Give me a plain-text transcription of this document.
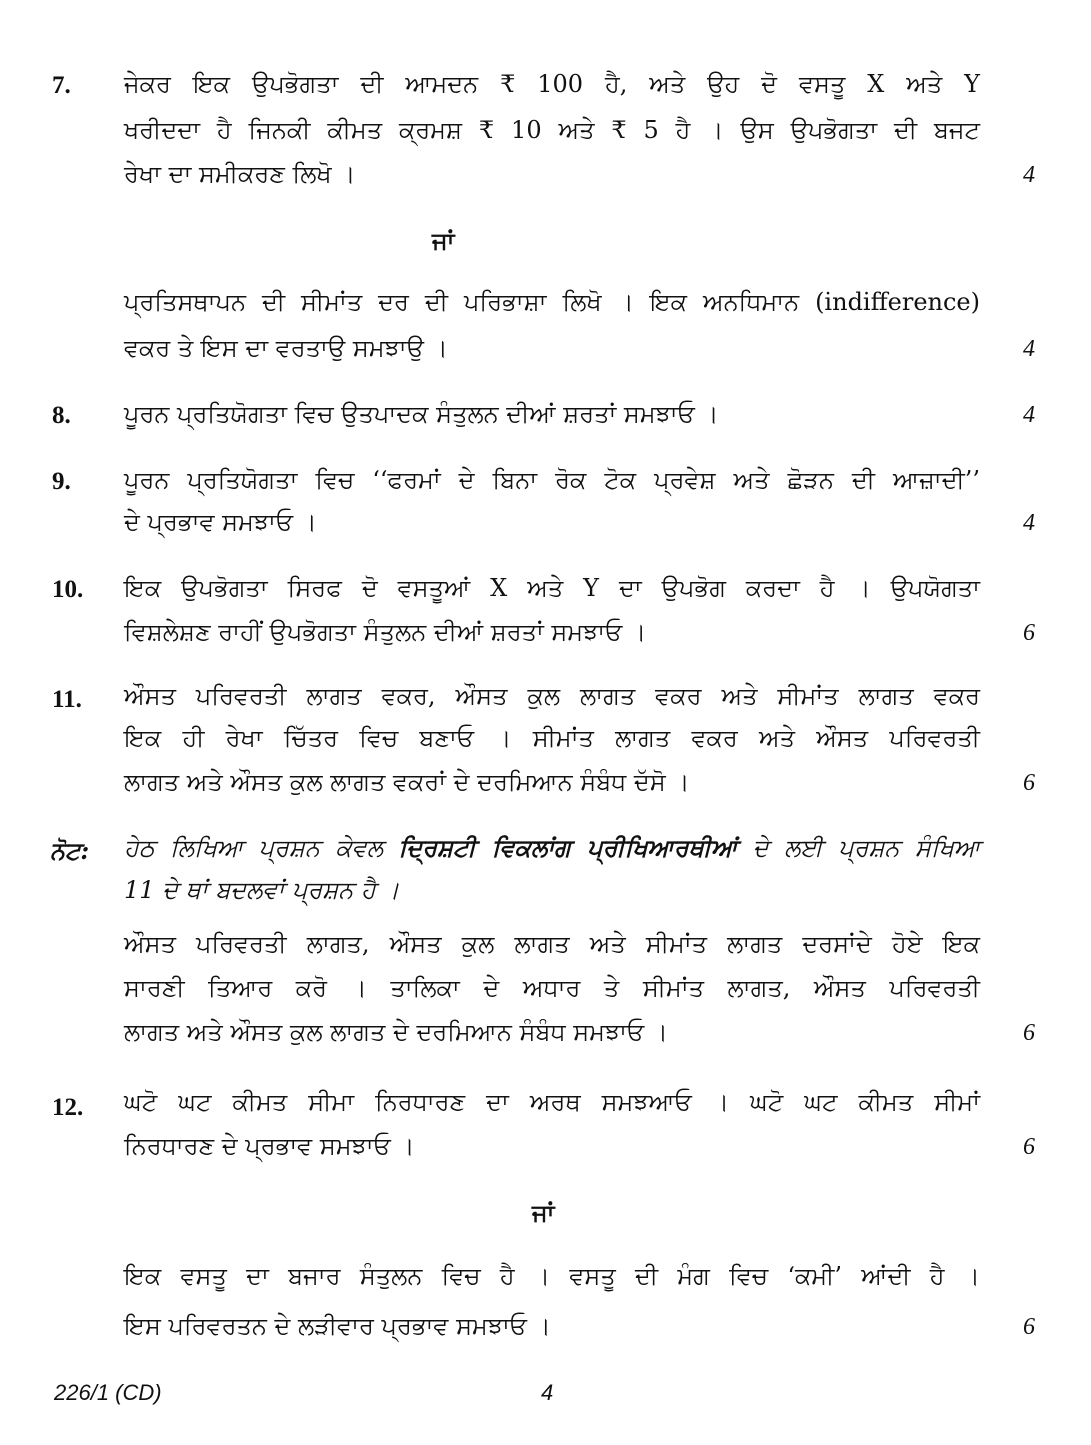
7. ਜੇਕਰ ਇਕ ਉਪਭੋਗਤਾ ਦੀ ਆਮਦਨ ₹ 100 ਹੈ, ਅਤੇ ਉਹ ਦੋ ਵਸਤੂ X ਅਤੇ Y
ਖਰੀਦਦਾ ਹੈ ਜਿਨਕੀ ਕੀਮਤ ਕ੍ਰਮਸ਼ ₹ 10 ਅਤੇ ₹ 5 ਹੈ । ਉਸ ਉਪਭੋਗਤਾ ਦੀ ਬਜਟ
ਰੇਖਾ ਦਾ ਸਮੀਕਰਣ ਲਿਖੋ ।	4
ਜਾਂ
ਪ੍ਰਤਿਸਥਾਪਨ ਦੀ ਸੀਮਾਂਤ ਦਰ ਦੀ ਪਰਿਭਾਸ਼ਾ ਲਿਖੋ । ਇਕ ਅਨਧਿਮਾਨ (indifference)
ਵਕਰ ਤੇ ਇਸ ਦਾ ਵਰਤਾਉ ਸਮਝਾਉ ।	4
8. ਪੂਰਨ ਪ੍ਰਤਿਯੋਗਤਾ ਵਿਚ ਉਤਪਾਦਕ ਸੰਤੁਲਨ ਦੀਆਂ ਸ਼ਰਤਾਂ ਸਮਝਾਓ ।	4
9. ਪੂਰਨ ਪ੍ਰਤਿਯੋਗਤਾ ਵਿਚ ‘‘ਫਰਮਾਂ ਦੇ ਬਿਨਾ ਰੋਕ ਟੋਕ ਪ੍ਰਵੇਸ਼ ਅਤੇ ਛੋੜਨ ਦੀ ਆਜ਼ਾਦੀ’’
ਦੇ ਪ੍ਰਭਾਵ ਸਮਝਾਓ ।	4
10. ਇਕ ਉਪਭੋਗਤਾ ਸਿਰਫ ਦੋ ਵਸਤੂਆਂ X ਅਤੇ Y ਦਾ ਉਪਭੋਗ ਕਰਦਾ ਹੈ । ਉਪਯੋਗਤਾ
ਵਿਸ਼ਲੇਸ਼ਣ ਰਾਹੀਂ ਉਪਭੋਗਤਾ ਸੰਤੁਲਨ ਦੀਆਂ ਸ਼ਰਤਾਂ ਸਮਝਾਓ ।	6
11. ਔਸਤ ਪਰਿਵਰਤੀ ਲਾਗਤ ਵਕਰ, ਔਸਤ ਕੁਲ ਲਾਗਤ ਵਕਰ ਅਤੇ ਸੀਮਾਂਤ ਲਾਗਤ ਵਕਰ
ਇਕ ਹੀ ਰੇਖਾ ਚਿੱਤਰ ਵਿਚ ਬਣਾਓ । ਸੀਮਾਂਤ ਲਾਗਤ ਵਕਰ ਅਤੇ ਔਸਤ ਪਰਿਵਰਤੀ
ਲਾਗਤ ਅਤੇ ਔਸਤ ਕੁਲ ਲਾਗਤ ਵਕਰਾਂ ਦੇ ਦਰਮਿਆਨ ਸੰਬੰਧ ਦੱਸੋ ।	6
ਨੋਟ: ਹੇਠ ਲਿਖਿਆ ਪ੍ਰਸ਼ਨ ਕੇਵਲ ਦ੍ਰਿਸ਼ਟੀ ਵਿਕਲਾਂਗ ਪ੍ਰੀਖਿਆਰਥੀਆਂ ਦੇ ਲਈ ਪ੍ਰਸ਼ਨ ਸੰਖਿਆ
11 ਦੇ ਥਾਂ ਬਦਲਵਾਂ ਪ੍ਰਸ਼ਨ ਹੈ ।
ਔਸਤ ਪਰਿਵਰਤੀ ਲਾਗਤ, ਔਸਤ ਕੁਲ ਲਾਗਤ ਅਤੇ ਸੀਮਾਂਤ ਲਾਗਤ ਦਰਸਾਂਦੇ ਹੋਏ ਇਕ
ਸਾਰਣੀ ਤਿਆਰ ਕਰੋ । ਤਾਲਿਕਾ ਦੇ ਅਧਾਰ ਤੇ ਸੀਮਾਂਤ ਲਾਗਤ, ਔਸਤ ਪਰਿਵਰਤੀ
ਲਾਗਤ ਅਤੇ ਔਸਤ ਕੁਲ ਲਾਗਤ ਦੇ ਦਰਮਿਆਨ ਸੰਬੰਧ ਸਮਝਾਓ ।	6
12. ਘਟੋ ਘਟ ਕੀਮਤ ਸੀਮਾ ਨਿਰਧਾਰਣ ਦਾ ਅਰਥ ਸਮਝਆਓ । ਘਟੋ ਘਟ ਕੀਮਤ ਸੀਮਾਂ
ਨਿਰਧਾਰਣ ਦੇ ਪ੍ਰਭਾਵ ਸਮਝਾਓ ।	6
ਜਾਂ
ਇਕ ਵਸਤੂ ਦਾ ਬਜਾਰ ਸੰਤੁਲਨ ਵਿਚ ਹੈ । ਵਸਤੂ ਦੀ ਮੰਗ ਵਿਚ ‘ਕਮੀ’ ਆਂਦੀ ਹੈ ।
ਇਸ ਪਰਿਵਰਤਨ ਦੇ ਲੜੀਵਾਰ ਪ੍ਰਭਾਵ ਸਮਝਾਓ ।	6
226/1 (CD)	4
